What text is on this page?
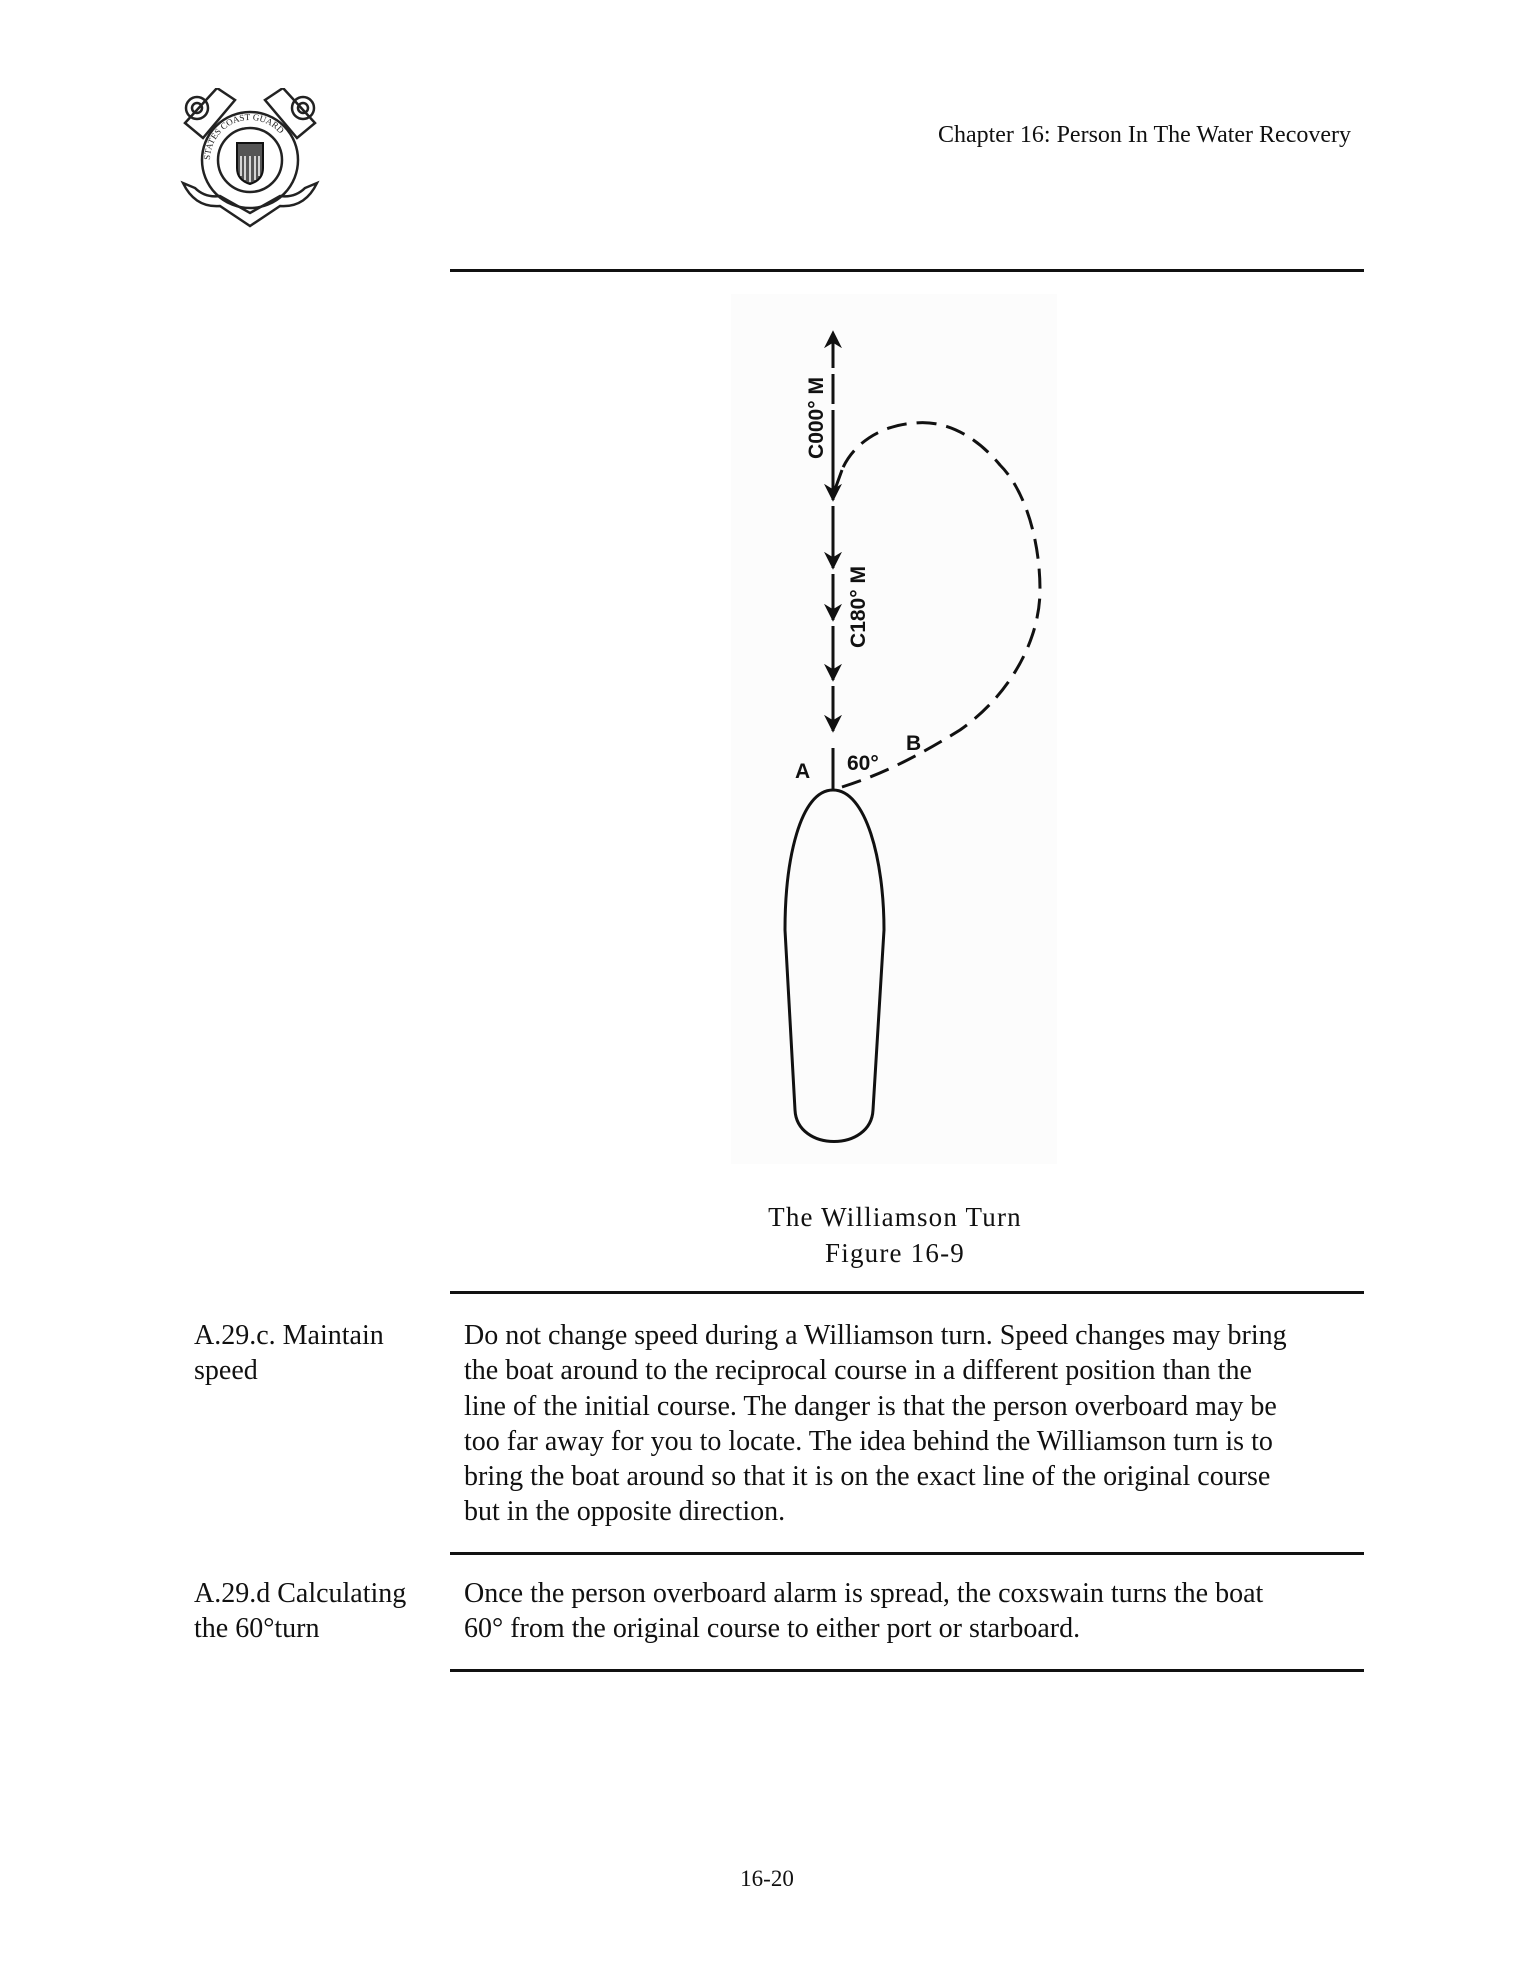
STATES COAST GUARD	Chapter 16: Person In The Water Recovery
C000° M
C180° M
A 60°
B
The Williamson Turn
Figure 16-9
A.29.c. Maintain
speed
Do not change speed during a Williamson turn. Speed changes may bring
the boat around to the reciprocal course in a different position than the
line of the initial course. The danger is that the person overboard may be
too far away for you to locate. The idea behind the Williamson turn is to
bring the boat around so that it is on the exact line of the original course
but in the opposite direction.
A.29.d Calculating
the 60°turn
Once the person overboard alarm is spread, the coxswain turns the boat
60° from the original course to either port or starboard.
16-20
